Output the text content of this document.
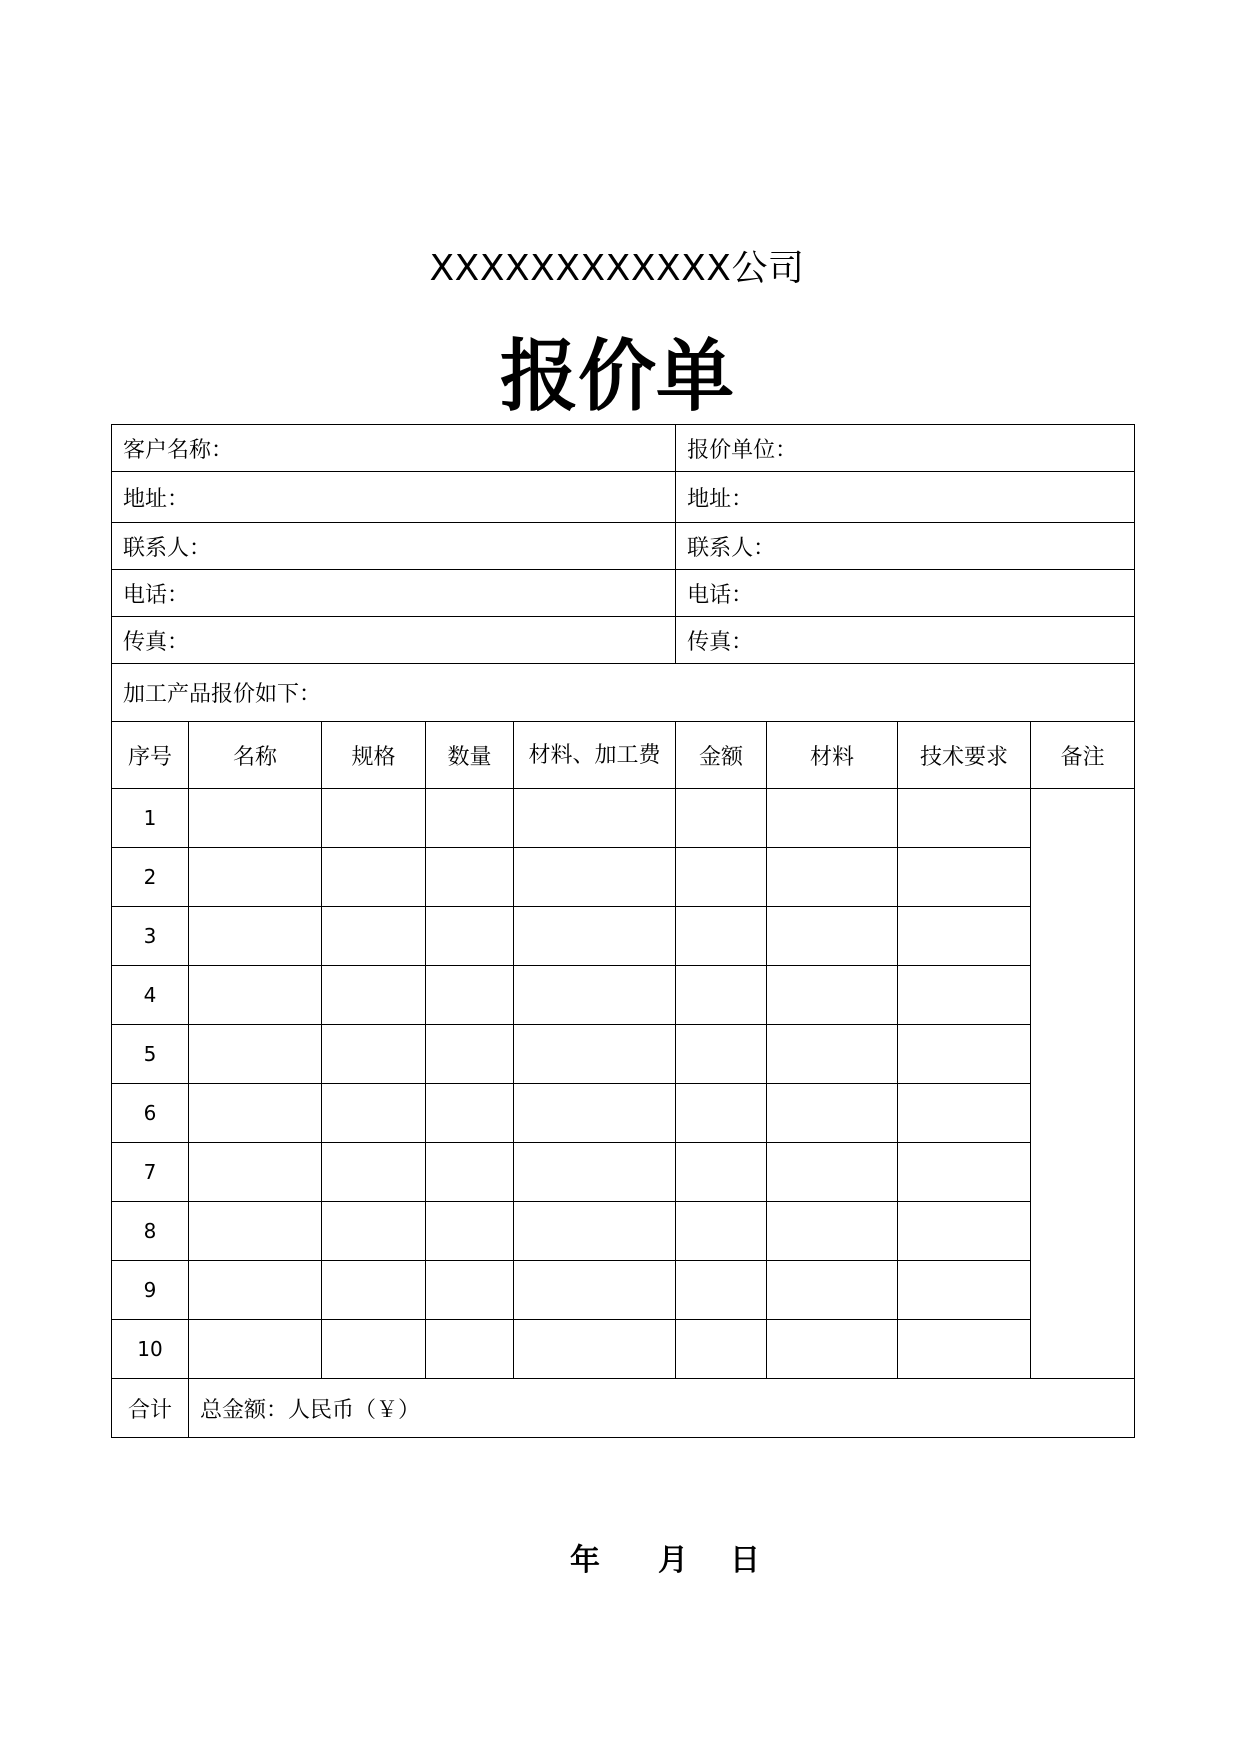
XXXXXXXXXXXX公司
报价单
客户名称：					报价单位：			
地址：					地址：			
联系人：					联系人：			
电话：					电话：			
传真：					传真：			
加工产品报价如下：								
序号	名称	规格	数量	材料、加工费	金额	材料	技术要求	备注
1								
2								
3								
4								
5								
6								
7								
8								
9								
10								
合计	总金额：人民币（￥）							
年 月 日
